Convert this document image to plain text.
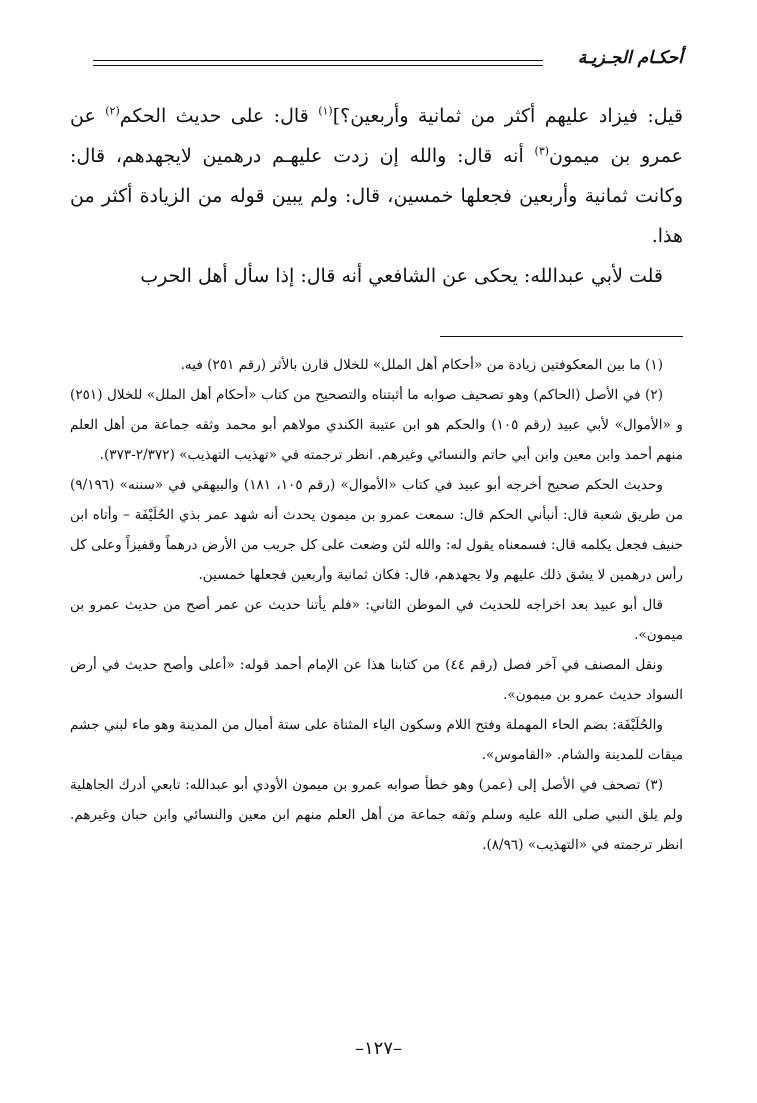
أحكـام الجـزيـة

قيل: فيزاد عليهم أكثر من ثمانية وأربعين؟]$^{(١)}$ قال: على حديث الحكم$^{(٢)}$ عن عمرو بن ميمون$^{(٣)}$ أنه قال: والله إن زدت عليهـم درهمين لايجهدهم، قال: وكانت ثمانية وأربعين فجعلها خمسين، قال: ولم يبين قوله من الزيادة أكثر من هذا.

قلت لأبي عبدالله: يحكى عن الشافعي أنه قال: إذا سأل أهل الحرب

(١) ما بين المعكوفتين زيادة من «أحكام أهل الملل» للخلال قارن بالأثر (رقم ٢٥١) فيه.

(٢) في الأصل (الحاكم) وهو تصحيف صوابه ما أثبتناه والتصحيح من كتاب «أحكام أهل الملل» للخلال (٢٥١) و «الأموال» لأبي عبيد (رقم ١٠٥) والحكم هو ابن عتيبة الكندي مولاهم أبو محمد وثقه جماعة من أهل العلم منهم أحمد وابن معين وابن أبي حاتم والنسائي وغيرهم. انظر ترجمته في «تهذيب التهذيب» (٢/٣٧٢-٣٧٣).

وحديث الحكم صحيح أخرجه أبو عبيد في كتاب «الأموال» (رقم ١٠٥، ١٨١) والبيهقي في «سننه» (٩/١٩٦) من طريق شعبة قال: أنبأني الحكم قال: سمعت عمرو بن ميمون يحدث أنه شهد عمر بذي الحُلَيْفَة – وأتاه ابن حنيف فجعل يكلمه قال: فسمعناه يقول له: والله لئن وضعت على كل جريب من الأرض درهماً وقفيزاً وعلى كل رأس درهمين لا يشق ذلك عليهم ولا يجهدهم، قال: فكان ثمانية وأربعين فجعلها خمسين.

قال أبو عبيد بعد اخراجه للحديث في الموطن الثاني: «فلم يأتنا حديث عن عمر أصح من حديث عمرو بن ميمون».

ونقل المصنف في آخر فصل (رقم ٤٤) من كتابنا هذا عن الإمام أحمد قوله: «أعلى وأصح حديث في أرض السواد حديث عمرو بن ميمون».

والحُلَيْفَة: بضم الحاء المهملة وفتح اللام وسكون الياء المثناة على ستة أميال من المدينة وهو ماء لبني جشم ميقات للمدينة والشام. «القاموس».

(٣) تصحف في الأصل إلى (عمر) وهو خطأ صوابه عمرو بن ميمون الأودي أبو عبدالله: تابعي أدرك الجاهلية ولم يلق النبي صلى الله عليه وسلم وثقه جماعة من أهل العلم منهم ابن معين والنسائي وابن حبان وغيرهم. انظر ترجمته في «التهذيب» (٨/٩٦).

–١٢٧–
